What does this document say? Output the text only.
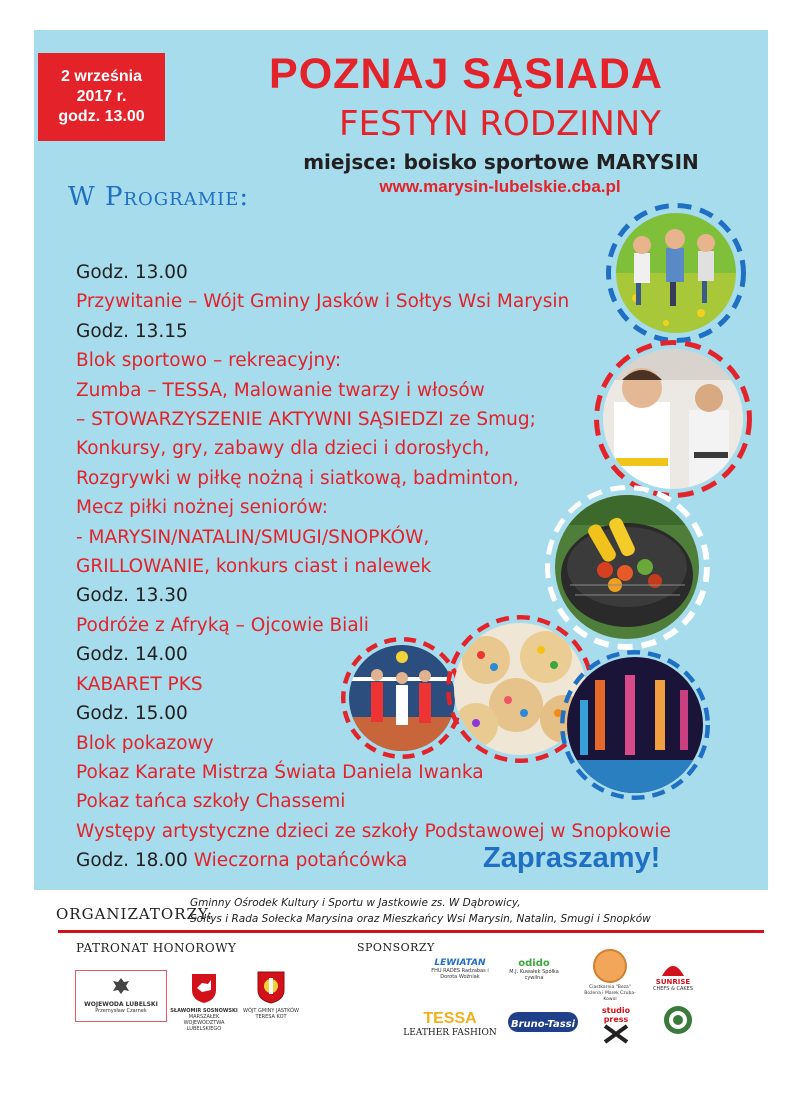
2 września
2017 r.
godz. 13.00
POZNAJ SĄSIADA
FESTYN RODZINNY
miejsce: boisko sportowe MARYSIN
www.marysin-lubelskie.cba.pl
W Programie:
Godz. 13.00
Przywitanie – Wójt Gminy Jasków i Sołtys Wsi Marysin
Godz. 13.15
Blok sportowo – rekreacyjny:
Zumba – TESSA, Malowanie twarzy i włosów
– STOWARZYSZENIE AKTYWNI SĄSIEDZI ze Smug;
Konkursy, gry, zabawy dla dzieci i dorosłych,
Rozgrywki w piłkę nożną i siatkową, badminton,
Mecz piłki nożnej seniorów:
- MARYSIN/NATALIN/SMUGI/SNOPKÓW,
GRILLOWANIE, konkurs ciast i nalewek
Godz. 13.30
Podróże z Afryką – Ojcowie Biali
Godz. 14.00
KABARET PKS
Godz. 15.00
Blok pokazowy
Pokaz Karate Mistrza Świata Daniela Iwanka
Pokaz tańca szkoły Chassemi
Występy artystyczne dzieci ze szkoły Podstawowej w Snopkowie
Godz. 18.00 Wieczorna potańcówka	Zapraszamy!
ORGANIZATORZY:
Gminny Ośrodek Kultury i Sportu w Jastkowie zs. W Dąbrowicy,
Sołtys i Rada Sołecka Marysina oraz Mieszkańcy Wsi Marysin, Natalin, Smugi i Snopków
PATRONAT HONOROWY	SPONSORZY
WOJEWODA LUBELSKI
Przemysław Czarnek	SŁAWOMIR SOSNOWSKI
MARSZAŁEK WOJEWÓDZTWA LUBELSKIEGO
WÓJT GMINY JASTKÓW TERESA KOT
LEWIATAN
FHU RADES Radzabas i Dorota Woźniak
odido
M.J. Kuwałek Spółka cywilna
Ciastkarnia "Beza"
Bożena i Marek Czuba-Kowol
SUNRISE
CHEFS & CAKES
TESSA
LEATHER FASHION
Bruno-Tassi
studio press
